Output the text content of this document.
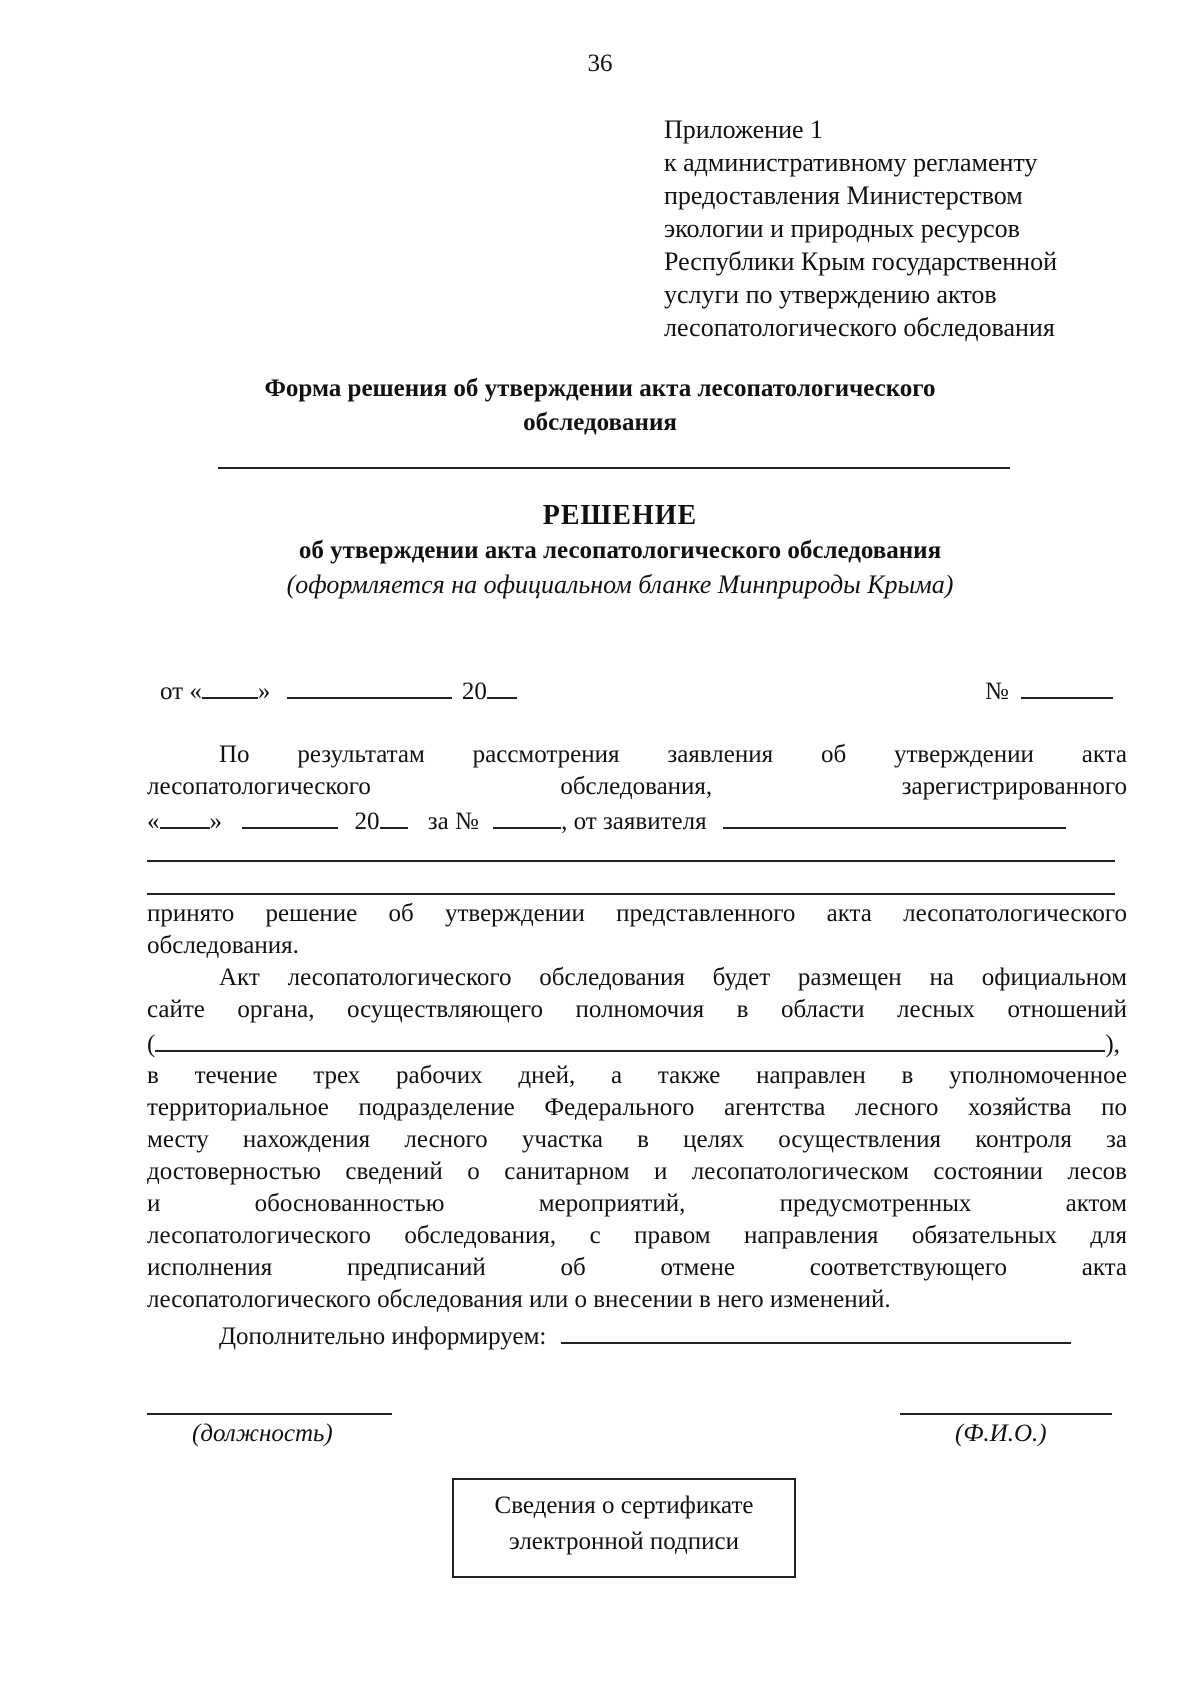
36
Приложение 1
к административному регламенту
предоставления Министерством
экологии и природных ресурсов
Республики Крым государственной
услуги по утверждению актов
лесопатологического обследования
Форма решения об утверждении акта лесопатологического
обследования
РЕШЕНИЕ
об утверждении акта лесопатологического обследования
(оформляется на официальном бланке Минприроды Крыма)
от « »	20	№
По результатам рассмотрения заявления об утверждении акта
лесопатологического обследования, зарегистрированного
« »	20 за №	, от заявителя
принято решение об утверждении представленного акта лесопатологического
обследования.
Акт лесопатологического обследования будет размещен на официальном
сайте органа, осуществляющего полномочия в области лесных отношений
(	),
в течение трех рабочих дней, а также направлен в уполномоченное
территориальное подразделение Федерального агентства лесного хозяйства по
месту нахождения лесного участка в целях осуществления контроля за
достоверностью сведений о санитарном и лесопатологическом состоянии лесов
и обоснованностью мероприятий, предусмотренных актом
лесопатологического обследования, с правом направления обязательных для
исполнения предписаний об отмене соответствующего акта
лесопатологического обследования или о внесении в него изменений.
Дополнительно информируем:
(должность)	(Ф.И.О.)
Сведения о сертификате
электронной подписи
